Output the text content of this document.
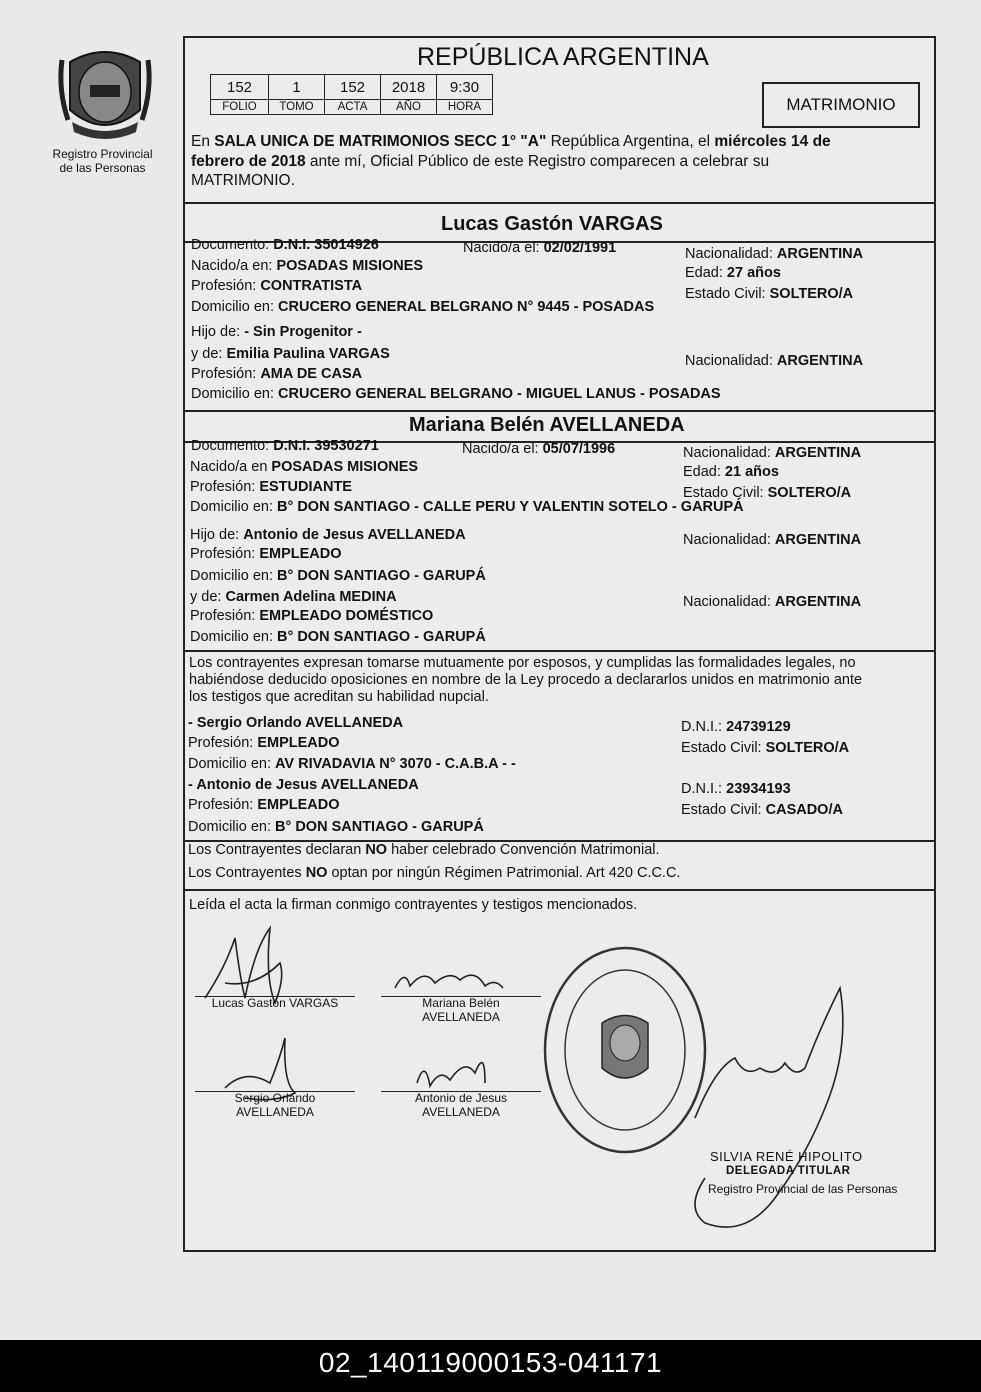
Registro Provincial
de las Personas
REPÚBLICA ARGENTINA
152	1	152	2018	9:30
FOLIO	TOMO	ACTA	AÑO	HORA	MATRIMONIO
En SALA UNICA DE MATRIMONIOS SECC 1° "A" República Argentina, el miércoles 14 de
febrero de 2018 ante mí, Oficial Público de este Registro comparecen a celebrar su
MATRIMONIO.
Lucas Gastón VARGAS
Documento: D.N.I. 35014926	Nacido/a el: 02/02/1991	Nacionalidad: ARGENTINA
Nacido/a en: POSADAS MISIONES	Edad: 27 años
Profesión: CONTRATISTA	Estado Civil: SOLTERO/A
Domicilio en: CRUCERO GENERAL BELGRANO N° 9445 - POSADAS
Hijo de: - Sin Progenitor -
y de: Emilia Paulina VARGAS	Nacionalidad: ARGENTINA
Profesión: AMA DE CASA
Domicilio en: CRUCERO GENERAL BELGRANO - MIGUEL LANUS - POSADAS
Mariana Belén AVELLANEDA
Documento: D.N.I. 39530271	Nacido/a el: 05/07/1996	Nacionalidad: ARGENTINA
Nacido/a en POSADAS MISIONES	Edad: 21 años
Profesión: ESTUDIANTE	Estado Civil: SOLTERO/A
Domicilio en: B° DON SANTIAGO - CALLE PERU Y VALENTIN SOTELO - GARUPÁ
Hijo de: Antonio de Jesus AVELLANEDA	Nacionalidad: ARGENTINA
Profesión: EMPLEADO
Domicilio en: B° DON SANTIAGO - GARUPÁ
y de: Carmen Adelina MEDINA	Nacionalidad: ARGENTINA
Profesión: EMPLEADO DOMÉSTICO
Domicilio en: B° DON SANTIAGO - GARUPÁ
Los contrayentes expresan tomarse mutuamente por esposos, y cumplidas las formalidades legales, no
habiéndose deducido oposiciones en nombre de la Ley procedo a declararlos unidos en matrimonio ante
los testigos que acreditan su habilidad nupcial.
- Sergio Orlando AVELLANEDA	D.N.I.: 24739129
Profesión: EMPLEADO	Estado Civil: SOLTERO/A
Domicilio en: AV RIVADAVIA N° 3070 - C.A.B.A - -
- Antonio de Jesus AVELLANEDA	D.N.I.: 23934193
Profesión: EMPLEADO	Estado Civil: CASADO/A
Domicilio en: B° DON SANTIAGO - GARUPÁ
Los Contrayentes declaran NO haber celebrado Convención Matrimonial.
Los Contrayentes NO optan por ningún Régimen Patrimonial. Art 420 C.C.C.
Leída el acta la firman conmigo contrayentes y testigos mencionados.
Lucas Gastón VARGAS	Mariana Belén
AVELLANEDA
Sergio Orlando
AVELLANEDA
Antonio de Jesus
AVELLANEDA
SILVIA RENÉ HIPOLITO
DELEGADA TITULAR
Registro Provincial de las Personas
02_140119000153-041171
